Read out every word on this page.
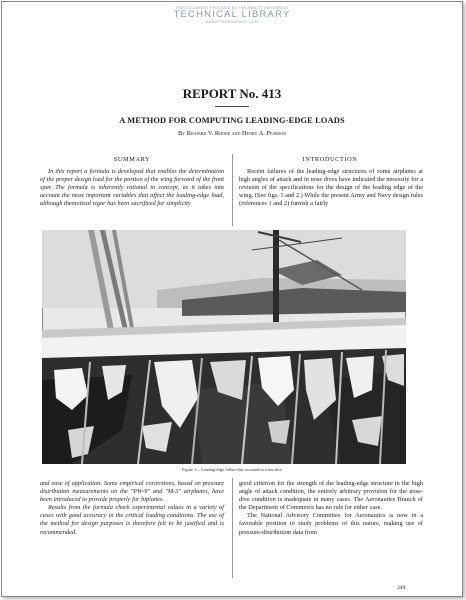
THIS DOCUMENT PROVIDED BY THE ABBOTT AEROSPACE
TECHNICAL LIBRARY
ABBOTTAEROSPACE.COM
REPORT No. 413
A METHOD FOR COMPUTING LEADING-EDGE LOADS
By Richard V. Rhode and Henry A. Pearson
SUMMARY	INTRODUCTION

In this report a formula is developed that enables the determination of the proper design load for the portion of the wing forward of the front spar. The formula is inherently rational in concept, as it takes into account the most important variables that affect the leading-edge load, although theoretical rigor has been sacrificed for simplicity

Recent failures of the leading-edge structures of some airplanes at high angles of attack and in nose dives have indicated the necessity for a revision of the specifications for the design of the leading edge of the wing. (See figs. 1 and 2.) While the present Army and Navy design rules (references 1 and 2) furnish a fairly

Figure 1.—Leading-edge failure that occurred in a fast dive

and ease of application. Some empirical corrections, based on pressure distribution measurements on the "PW-9" and "M-3" airplanes, have been introduced to provide properly for biplanes.

Results from the formula check experimental values in a variety of cases with good accuracy in the critical loading conditions. The use of the method for design purposes is therefore felt to be justified and is recommended.

good criterion for the strength of the leading-edge structure in the high angle of attack condition, the entirely arbitrary provision for the nose-dive condition is inadequate in many cases. The Aeronautics Branch of the Department of Commerce has no rule for either case.

The National Advisory Committee for Aeronautics is now in a favorable position to study problems of this nature, making use of pressure-distribution data from

349
